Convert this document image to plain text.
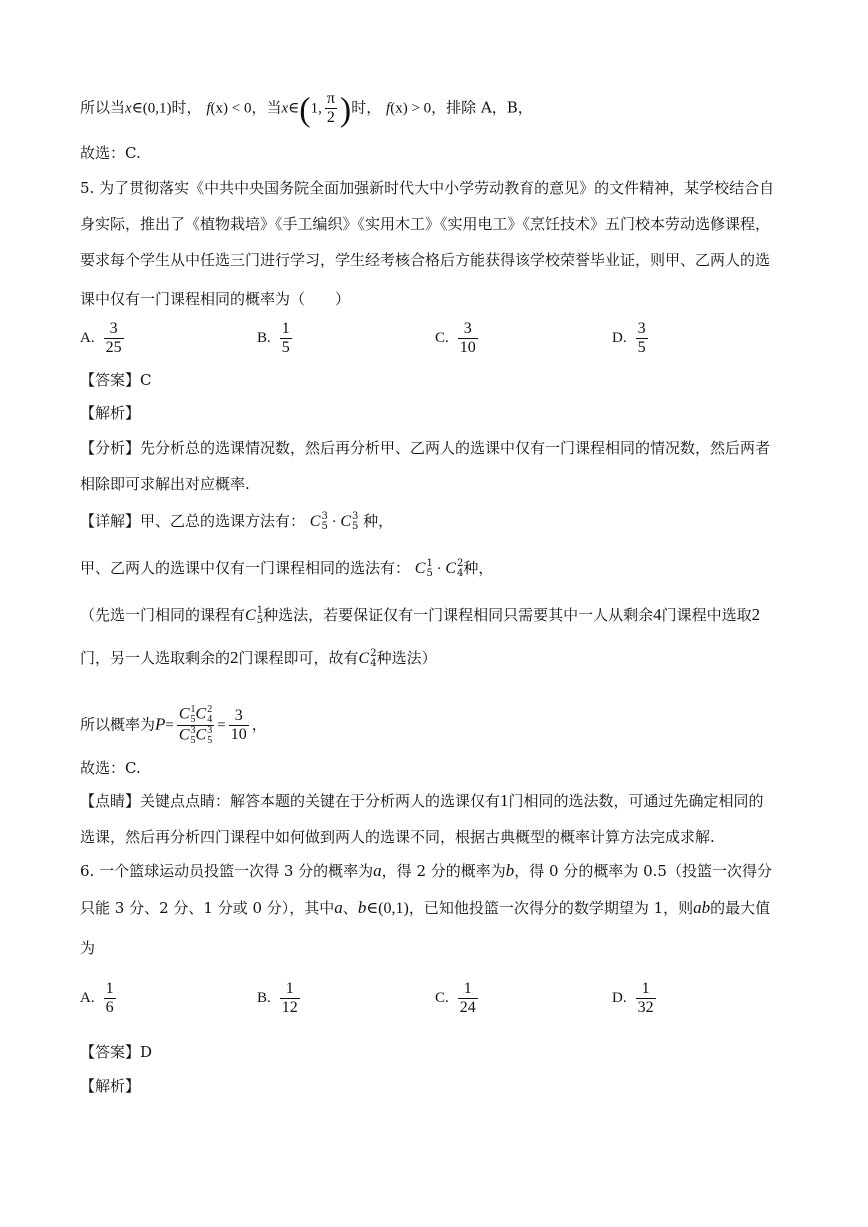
所以当x∈(0,1)时， f(x) < 0，当x∈(1, $\frac{\pi}{2}$ )时， f(x) > 0，排除 A，B，
故选：C.
5. 为了贯彻落实《中共中央国务院全面加强新时代大中小学劳动教育的意见》的文件精神，某学校结合自
身实际，推出了《植物栽培》《手工编织》《实用木工》《实用电工》《烹饪技术》五门校本劳动选修课程，
要求每个学生从中任选三门进行学习，学生经考核合格后方能获得该学校荣誉毕业证，则甲、乙两人的选
课中仅有一门课程相同的概率为（　　）
A. $\frac{3}{25}$	B. $\frac{1}{5}$	C. $\frac{3}{10}$	D. $\frac{3}{5}$
【答案】C
【解析】
【分析】先分析总的选课情况数，然后再分析甲、乙两人的选课中仅有一门课程相同的情况数，然后两者
相除即可求解出对应概率.
【详解】甲、乙总的选课方法有： C 3
5 · C 3
5 种，
甲、乙两人的选课中仅有一门课程相同的选法有： C 1
5 · C 2
4 种，
（先选一门相同的课程有C 1
5 种选法，若要保证仅有一门课程相同只需要其中一人从剩余4门课程中选取2
门，另一人选取剩余的2门课程即可，故有C 2
4 种选法）
所以概率为P= C 1
5 C 2
4
C 3
5 C 3
$5 = \frac{3}{10}$ ，
故选：C.
【点睛】关键点点睛：解答本题的关键在于分析两人的选课仅有1门相同的选法数，可通过先确定相同的
选课，然后再分析四门课程中如何做到两人的选课不同，根据古典概型的概率计算方法完成求解.
6. 一个篮球运动员投篮一次得 3 分的概率为a，得 2 分的概率为b，得 0 分的概率为 0.5（投篮一次得分
只能 3 分、2 分、1 分或 0 分），其中a、b∈(0,1)，已知他投篮一次得分的数学期望为 1，则ab的最大值
为
A. $\frac{1}{6}$	B. $\frac{1}{12}$	C. $\frac{1}{24}$	D. $\frac{1}{32}$
【答案】D
【解析】
